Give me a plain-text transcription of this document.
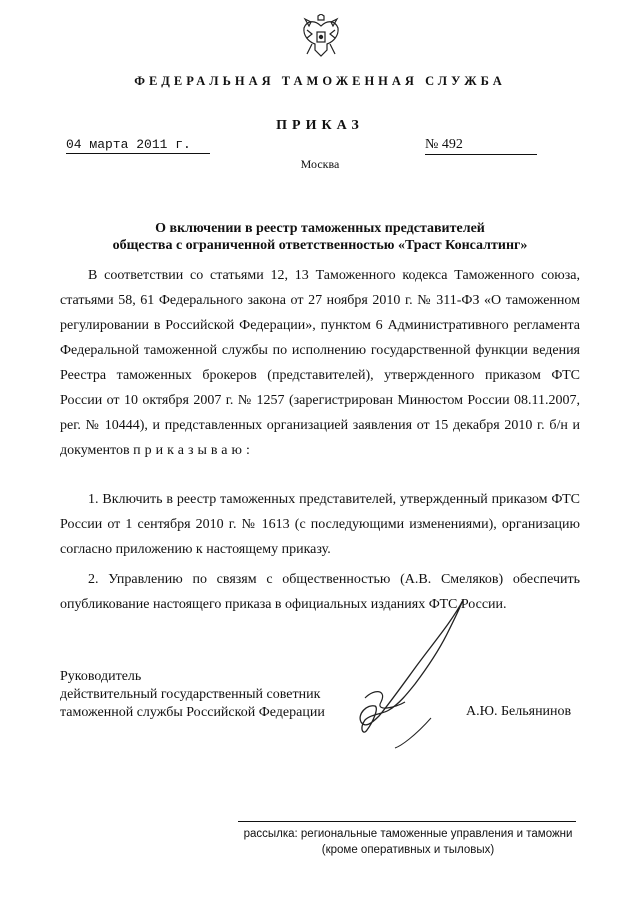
ФЕДЕРАЛЬНАЯ ТАМОЖЕННАЯ СЛУЖБА
ПРИКАЗ
04 марта 2011 г.	№ 492
Москва
О включении в реестр таможенных представителей
общества с ограниченной ответственностью «Траст Консалтинг»
В соответствии со статьями 12, 13 Таможенного кодекса Таможенного союза, статьями 58, 61 Федерального закона от 27 ноября 2010 г. № 311-ФЗ «О таможенном регулировании в Российской Федерации», пунктом 6 Административного регламента Федеральной таможенной службы по исполнению государственной функции ведения Реестра таможенных брокеров (представителей), утвержденного приказом ФТС России от 10 октября 2007 г. № 1257 (зарегистрирован Минюстом России 08.11.2007, рег. № 10444), и представленных организацией заявления от 15 декабря 2010 г. б/н и документов приказываю:
1. Включить в реестр таможенных представителей, утвержденный приказом ФТС России от 1 сентября 2010 г. № 1613 (с последующими изменениями), организацию согласно приложению к настоящему приказу.
2. Управлению по связям с общественностью (А.В. Смеляков) обеспечить опубликование настоящего приказа в официальных изданиях ФТС России.
Руководитель
действительный государственный советник
таможенной службы Российской Федерации	А.Ю. Бельянинов
рассылка: региональные таможенные управления и таможни
(кроме оперативных и тыловых)
